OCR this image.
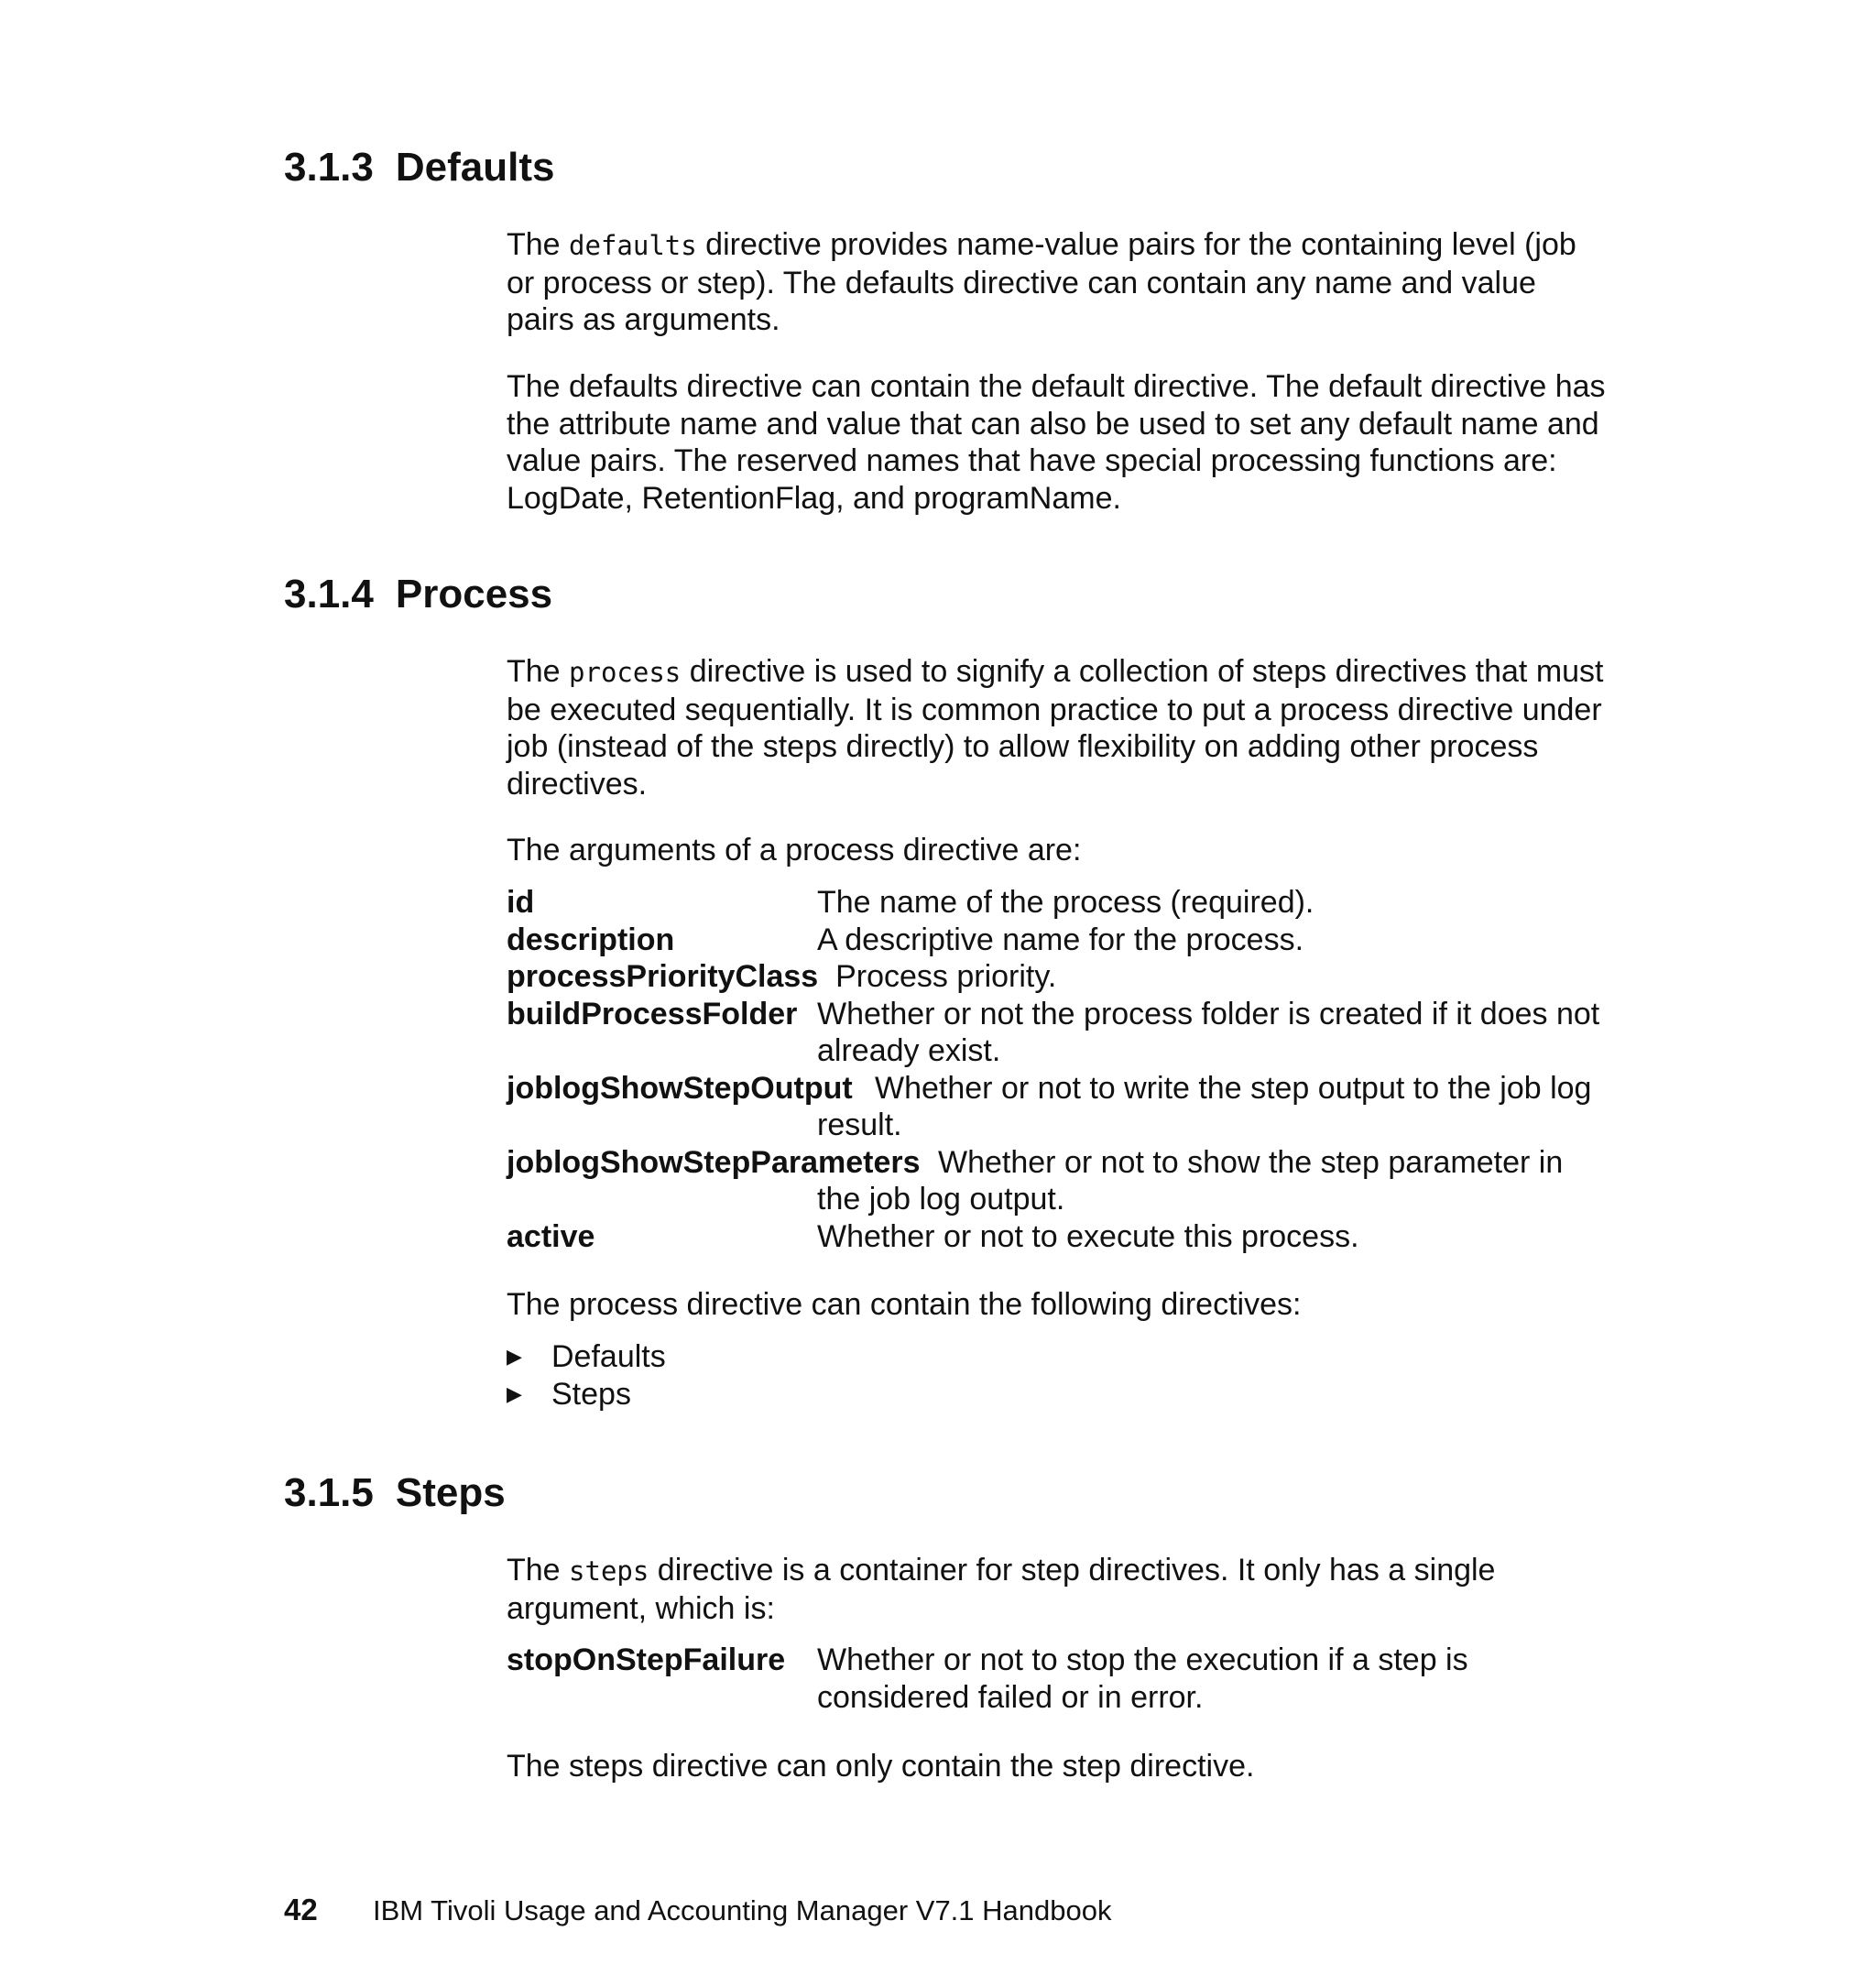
3.1.3 Defaults

The defaults directive provides name-value pairs for the containing level (job or process or step). The defaults directive can contain any name and value pairs as arguments.

The defaults directive can contain the default directive. The default directive has the attribute name and value that can also be used to set any default name and value pairs. The reserved names that have special processing functions are: LogDate, RetentionFlag, and programName.

3.1.4 Process

The process directive is used to signify a collection of steps directives that must be executed sequentially. It is common practice to put a process directive under job (instead of the steps directly) to allow flexibility on adding other process directives.

The arguments of a process directive are:

id	The name of the process (required).
description	A descriptive name for the process.
processPriorityClass Process priority.
buildProcessFolder Whether or not the process folder is created if it does not already exist.
joblogShowStepOutput Whether or not to write the step output to the job log result.
joblogShowStepParameters Whether or not to show the step parameter in the job log output.
active	Whether or not to execute this process.

The process directive can contain the following directives:

▶ Defaults
▶ Steps
3.1.5 Steps

The steps directive is a container for step directives. It only has a single argument, which is:

stopOnStepFailure Whether or not to stop the execution if a step is considered failed or in error.

The steps directive can only contain the step directive.

42 IBM Tivoli Usage and Accounting Manager V7.1 Handbook
